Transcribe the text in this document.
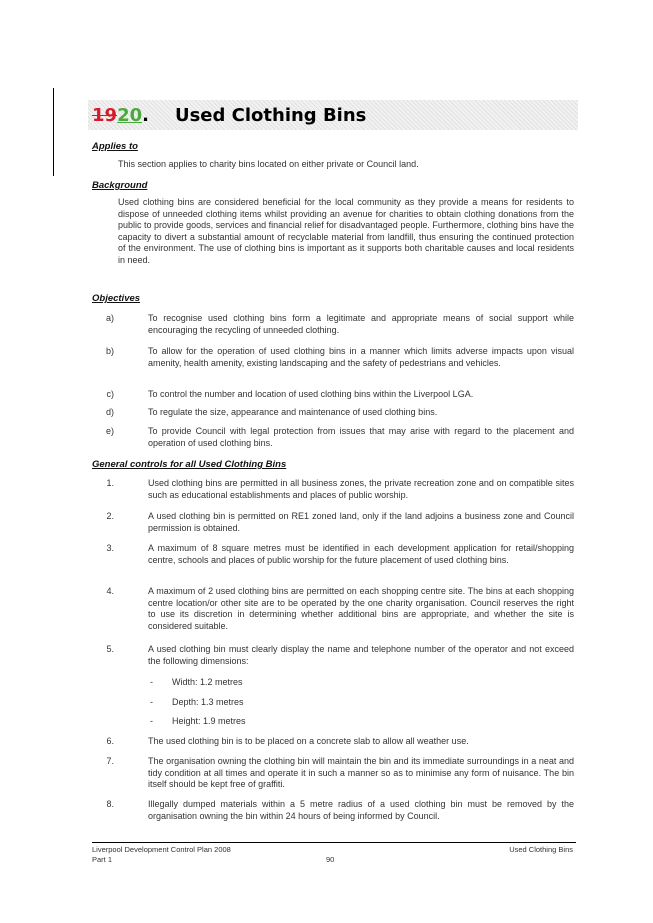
1920. Used Clothing Bins
Applies to
This section applies to charity bins located on either private or Council land.
Background
Used clothing bins are considered beneficial for the local community as they provide a means for residents to dispose of unneeded clothing items whilst providing an avenue for charities to obtain clothing donations from the public to provide goods, services and financial relief for disadvantaged people. Furthermore, clothing bins have the capacity to divert a substantial amount of recyclable material from landfill, thus ensuring the continued protection of the environment. The use of clothing bins is important as it supports both charitable causes and local residents in need.
Objectives
a)	To recognise used clothing bins form a legitimate and appropriate means of social support while encouraging the recycling of unneeded clothing.
b)	To allow for the operation of used clothing bins in a manner which limits adverse impacts upon visual amenity, health amenity, existing landscaping and the safety of pedestrians and vehicles.
c)	To control the number and location of used clothing bins within the Liverpool LGA.
d)	To regulate the size, appearance and maintenance of used clothing bins.
e)	To provide Council with legal protection from issues that may arise with regard to the placement and operation of used clothing bins.
General controls for all Used Clothing Bins
1.	Used clothing bins are permitted in all business zones, the private recreation zone and on compatible sites such as educational establishments and places of public worship.
2.	A used clothing bin is permitted on RE1 zoned land, only if the land adjoins a business zone and Council permission is obtained.
3.	A maximum of 8 square metres must be identified in each development application for retail/shopping centre, schools and places of public worship for the future placement of used clothing bins.
4.	A maximum of 2 used clothing bins are permitted on each shopping centre site. The bins at each shopping centre location/or other site are to be operated by the one charity organisation. Council reserves the right to use its discretion in determining whether additional bins are appropriate, and whether the site is considered suitable.
5.	A used clothing bin must clearly display the name and telephone number of the operator and not exceed the following dimensions:
- Width: 1.2 metres
- Depth: 1.3 metres
- Height: 1.9 metres
6.	The used clothing bin is to be placed on a concrete slab to allow all weather use.
7.	The organisation owning the clothing bin will maintain the bin and its immediate surroundings in a neat and tidy condition at all times and operate it in such a manner so as to minimise any form of nuisance. The bin itself should be kept free of graffiti.
8.	Illegally dumped materials within a 5 metre radius of a used clothing bin must be removed by the organisation owning the bin within 24 hours of being informed by Council.
Liverpool Development Control Plan 2008
Part 1	90
Used Clothing Bins
